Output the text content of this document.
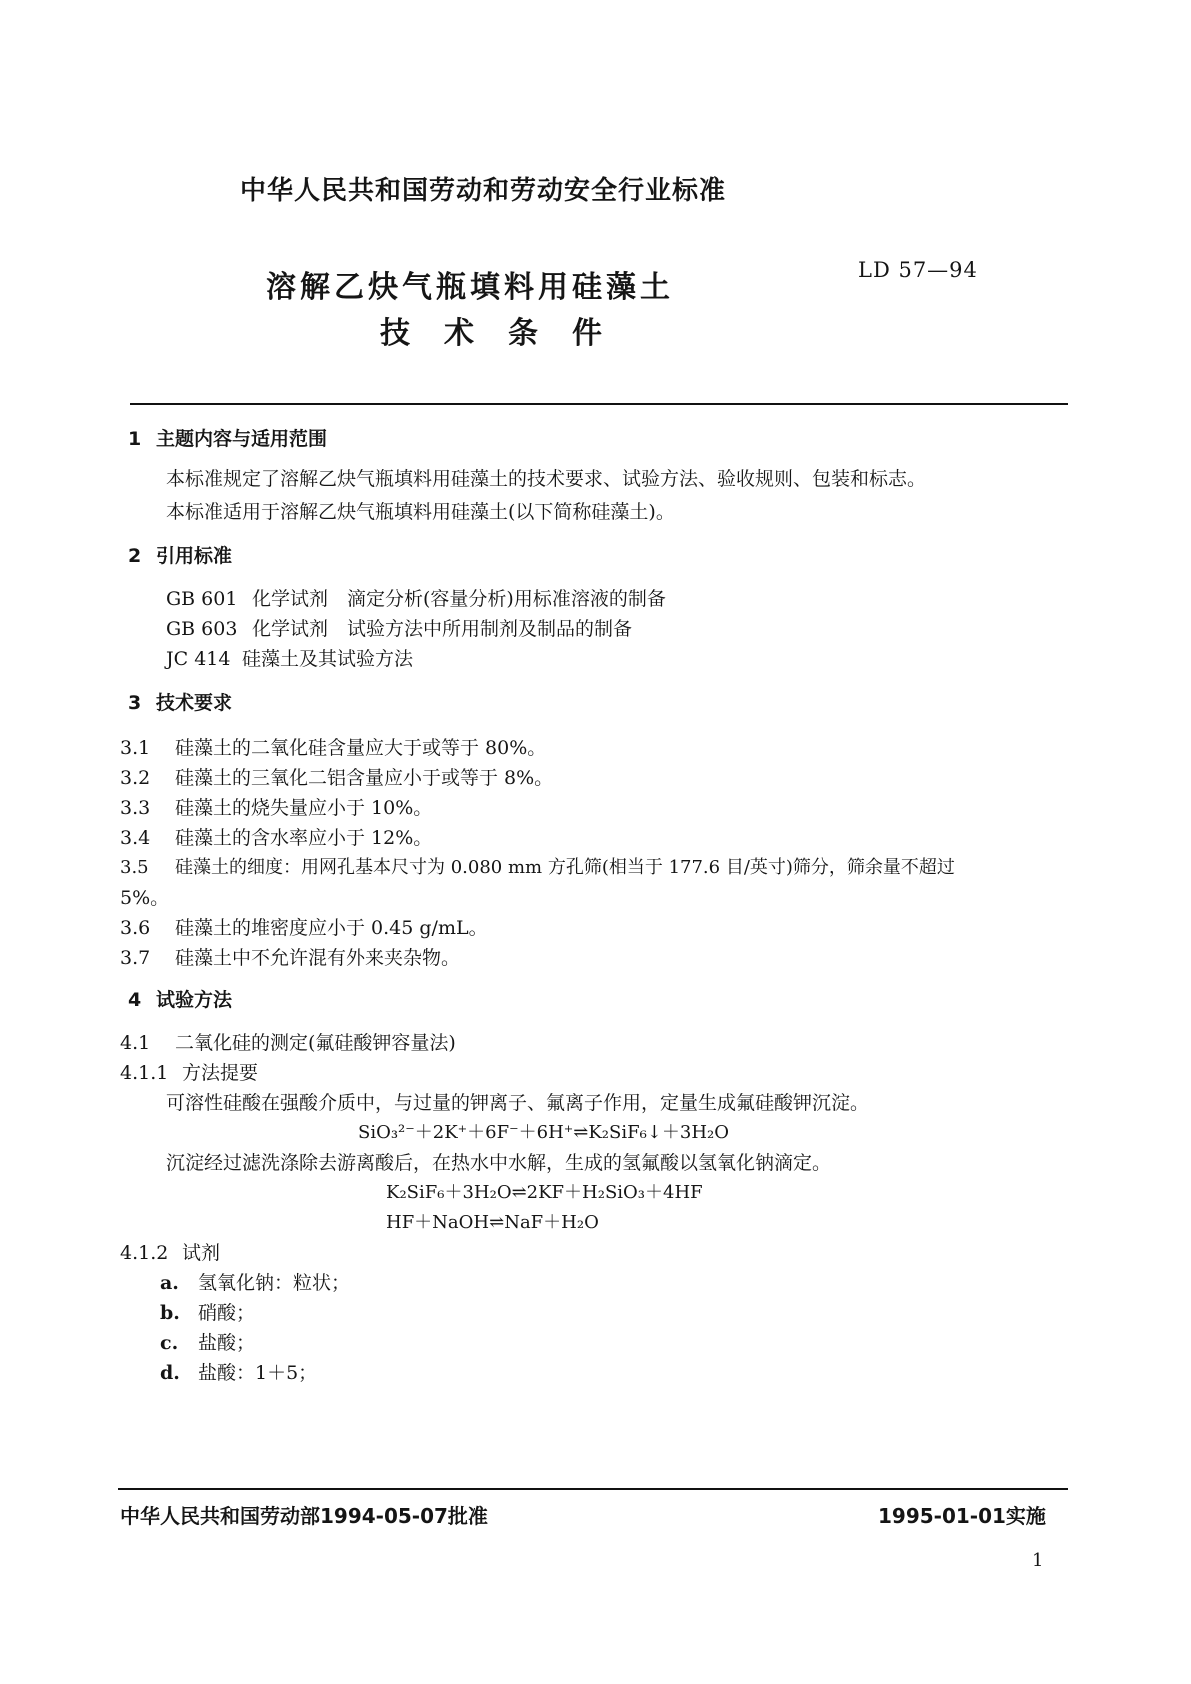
中华人民共和国劳动和劳动安全行业标准
溶解乙炔气瓶填料用硅藻土
技术条件
LD 57—94
1 主题内容与适用范围
本标准规定了溶解乙炔气瓶填料用硅藻土的技术要求、试验方法、验收规则、包装和标志。
本标准适用于溶解乙炔气瓶填料用硅藻土(以下简称硅藻土)。
2 引用标准
GB 601 化学试剂　滴定分析(容量分析)用标准溶液的制备
GB 603 化学试剂　试验方法中所用制剂及制品的制备
JC 414 硅藻土及其试验方法
3 技术要求
3.1 硅藻土的二氧化硅含量应大于或等于 80%。
3.2 硅藻土的三氧化二铝含量应小于或等于 8%。
3.3 硅藻土的烧失量应小于 10%。
3.4 硅藻土的含水率应小于 12%。
3.5 硅藻土的细度：用网孔基本尺寸为 0.080 mm 方孔筛(相当于 177.6 目/英寸)筛分，筛余量不超过
5%。
3.6 硅藻土的堆密度应小于 0.45 g/mL。
3.7 硅藻土中不允许混有外来夹杂物。
4 试验方法
4.1 二氧化硅的测定(氟硅酸钾容量法)
4.1.1 方法提要
可溶性硅酸在强酸介质中，与过量的钾离子、氟离子作用，定量生成氟硅酸钾沉淀。
SiO₃²⁻＋2K⁺＋6F⁻＋6H⁺⇌K₂SiF₆↓＋3H₂O
沉淀经过滤洗涤除去游离酸后，在热水中水解，生成的氢氟酸以氢氧化钠滴定。
K₂SiF₆＋3H₂O⇌2KF＋H₂SiO₃＋4HF
HF＋NaOH⇌NaF＋H₂O
4.1.2 试剂
a. 氢氧化钠：粒状；
b. 硝酸；
c. 盐酸；
d. 盐酸：1＋5；
中华人民共和国劳动部1994-05-07批准	1995-01-01实施
1
